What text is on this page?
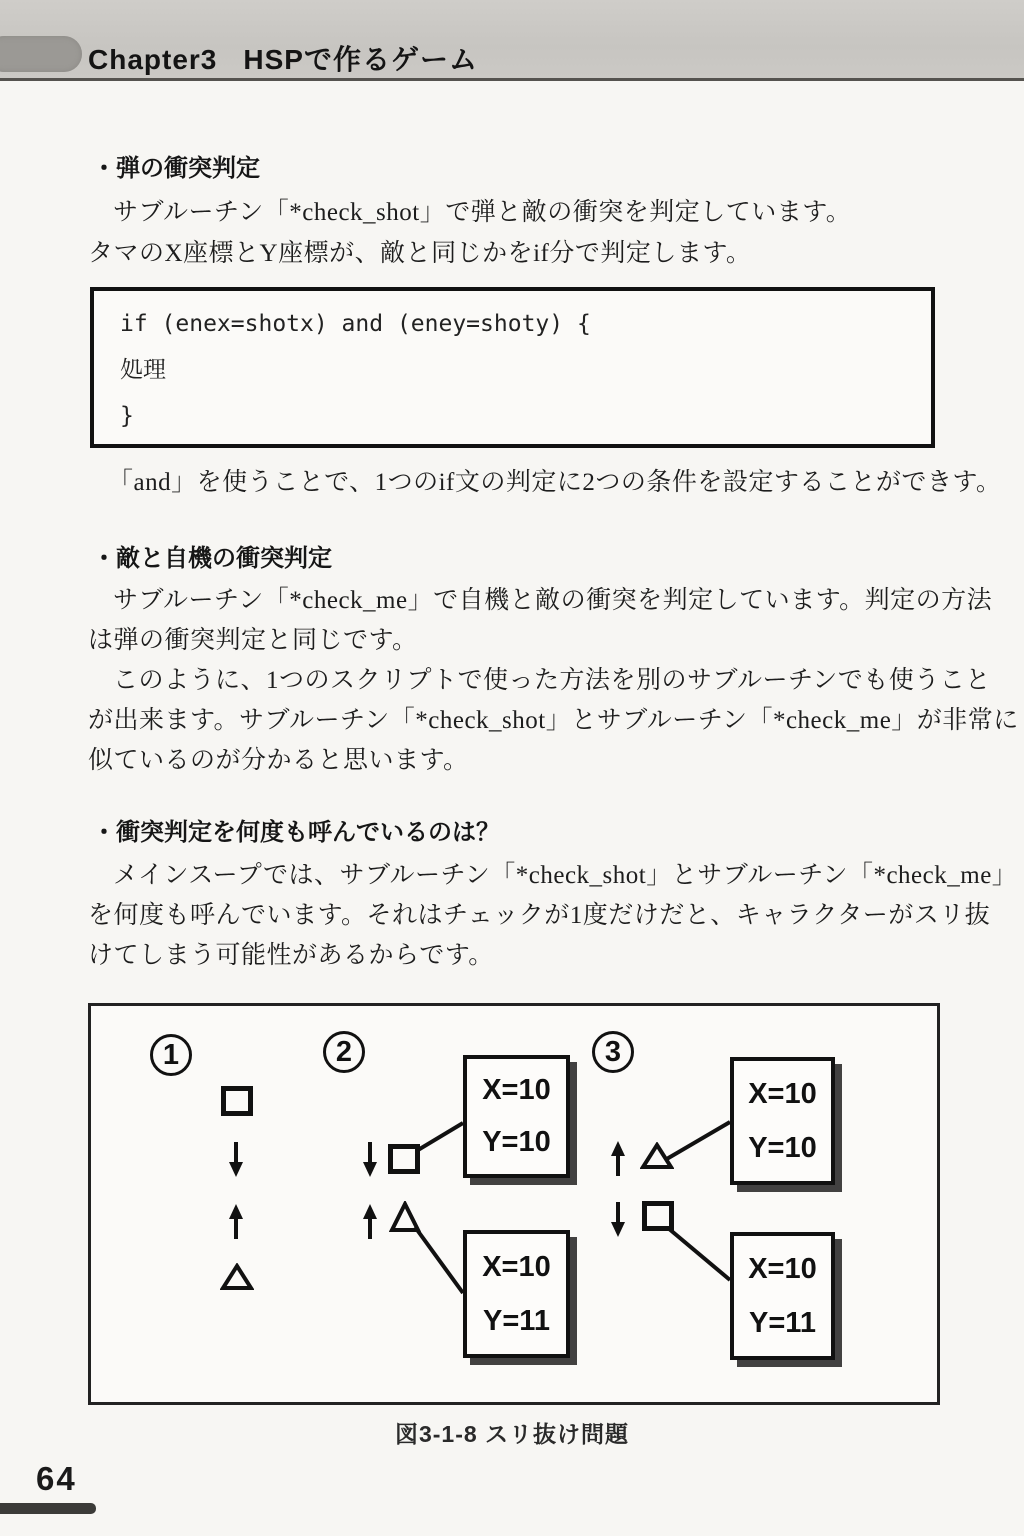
Chapter3 HSPで作るゲーム
・弾の衝突判定
サブルーチン「*check_shot」で弾と敵の衝突を判定しています。
タマのX座標とY座標が、敵と同じかをif分で判定します。
if (enex=shotx) and (eney=shoty) {
処理
}
「and」を使うことで、1つのif文の判定に2つの条件を設定することができす。
・敵と自機の衝突判定
サブルーチン「*check_me」で自機と敵の衝突を判定しています。判定の方法
は弾の衝突判定と同じです。
このように、1つのスクリプトで使った方法を別のサブルーチンでも使うこと
が出来ます。サブルーチン「*check_shot」とサブルーチン「*check_me」が非常に
似ているのが分かると思います。
・衝突判定を何度も呼んでいるのは？
メインスープでは、サブルーチン「*check_shot」とサブルーチン「*check_me」
を何度も呼んでいます。それはチェックが1度だけだと、キャラクターがスリ抜
けてしまう可能性があるからです。
1	2
X=10
Y=10
X=10
Y=11
3
X=10
Y=10
X=10
Y=11
図3-1-8 スリ抜け問題
64
